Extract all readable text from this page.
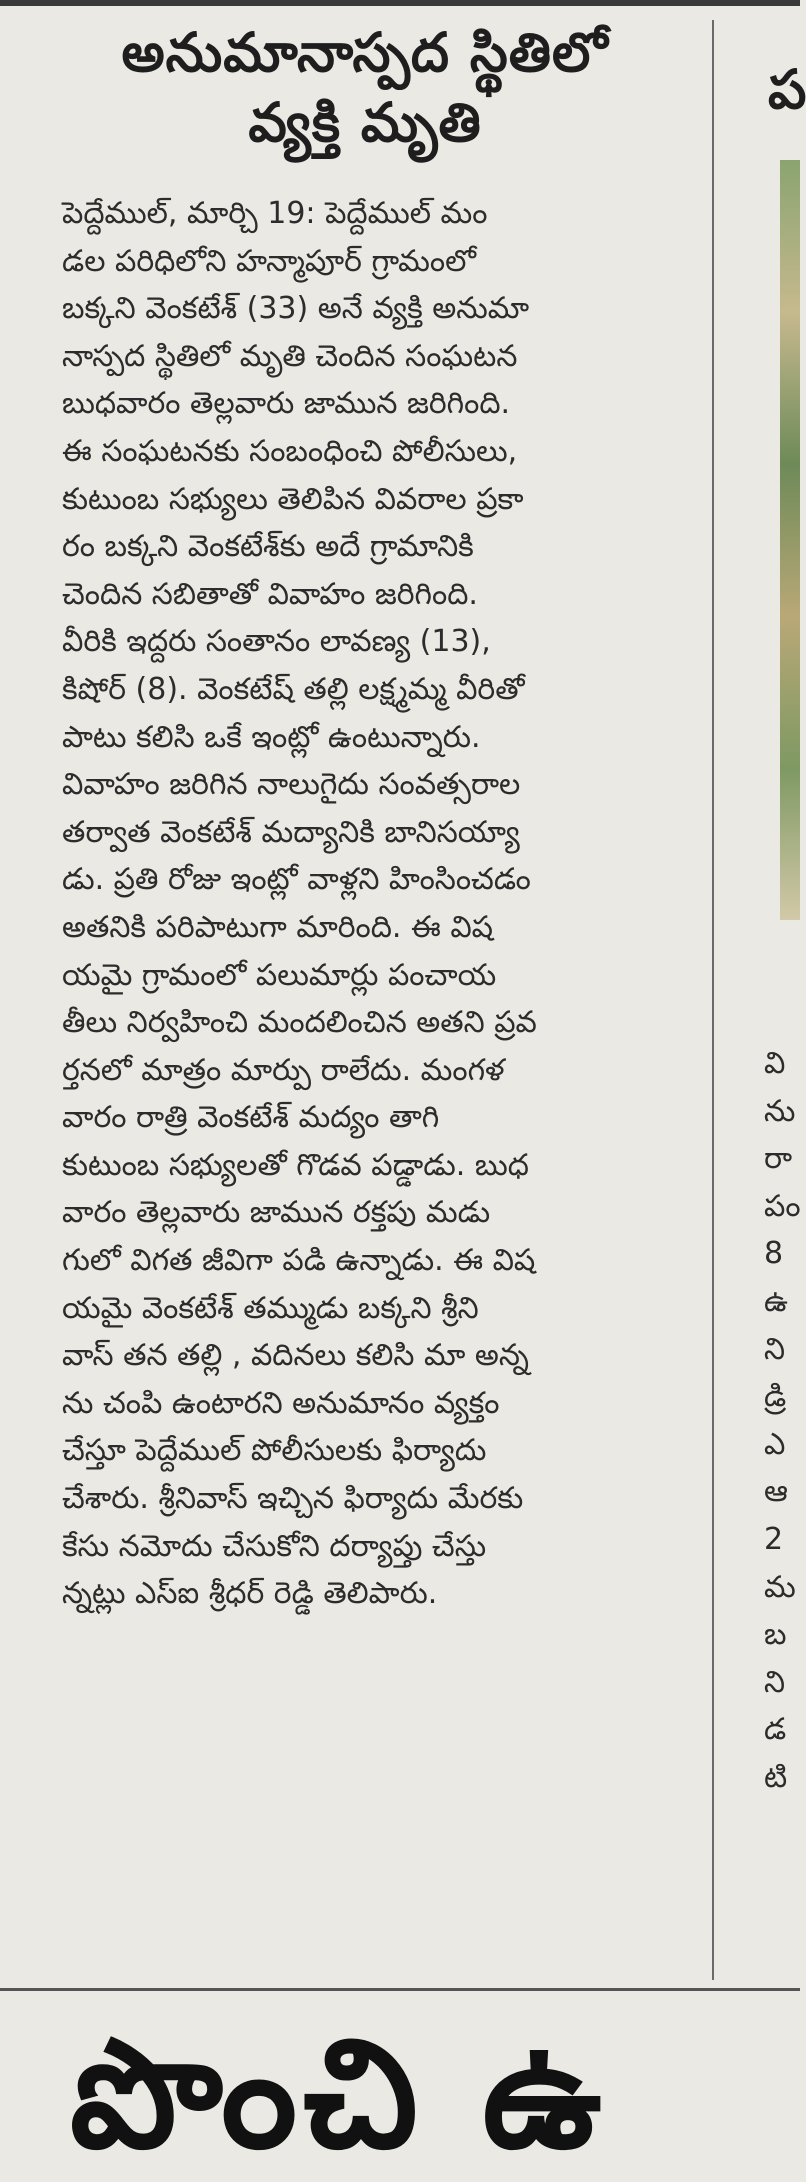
అనుమానాస్పద స్థితిలో
వ్యక్తి మృతి
పెద్దేముల్, మార్చి 19: పెద్దేముల్ మం
డల పరిధిలోని హన్మాపూర్ గ్రామంలో
బక్కని వెంకటేశ్ (33) అనే వ్యక్తి అనుమా
నాస్పద స్థితిలో మృతి చెందిన సంఘటన
బుధవారం తెల్లవారు జామున జరిగింది.
ఈ సంఘటనకు సంబంధించి పోలీసులు,
కుటుంబ సభ్యులు తెలిపిన వివరాల ప్రకా
రం బక్కని వెంకటేశ్‌కు అదే గ్రామానికి
చెందిన సబితాతో వివాహం జరిగింది.
వీరికి ఇద్దరు సంతానం లావణ్య (13),
కిషోర్ (8). వెంకటేష్ తల్లి లక్ష్మమ్మ వీరితో
పాటు కలిసి ఒకే ఇంట్లో ఉంటున్నారు.
వివాహం జరిగిన నాలుగైదు సంవత్సరాల
తర్వాత వెంకటేశ్ మద్యానికి బానిసయ్యా
డు. ప్రతి రోజు ఇంట్లో వాళ్లని హింసించడం
అతనికి పరిపాటుగా మారింది. ఈ విష
యమై గ్రామంలో పలుమార్లు పంచాయ
తీలు నిర్వహించి మందలించిన అతని ప్రవ
ర్తనలో మాత్రం మార్పు రాలేదు. మంగళ
వారం రాత్రి వెంకటేశ్ మద్యం తాగి
కుటుంబ సభ్యులతో గొడవ పడ్డాడు. బుధ
వారం తెల్లవారు జామున రక్తపు మడు
గులో విగత జీవిగా పడి ఉన్నాడు. ఈ విష
యమై వెంకటేశ్ తమ్ముడు బక్కని శ్రీని
వాస్ తన తల్లి , వదినలు కలిసి మా అన్న
ను చంపి ఉంటారని అనుమానం వ్యక్తం
చేస్తూ పెద్దేముల్ పోలీసులకు ఫిర్యాదు
చేశారు. శ్రీనివాస్ ఇచ్చిన ఫిర్యాదు మేరకు
కేసు నమోదు చేసుకోని దర్యాప్తు చేస్తు
న్నట్లు ఎస్ఐ శ్రీధర్ రెడ్డి తెలిపారు.
ప
వి
ను
రా
పం
8
ఉ
ని
డ్రి
ఎ
ఆ
2
మ
బ
ని
డ
టి
పొంచి ఉ
